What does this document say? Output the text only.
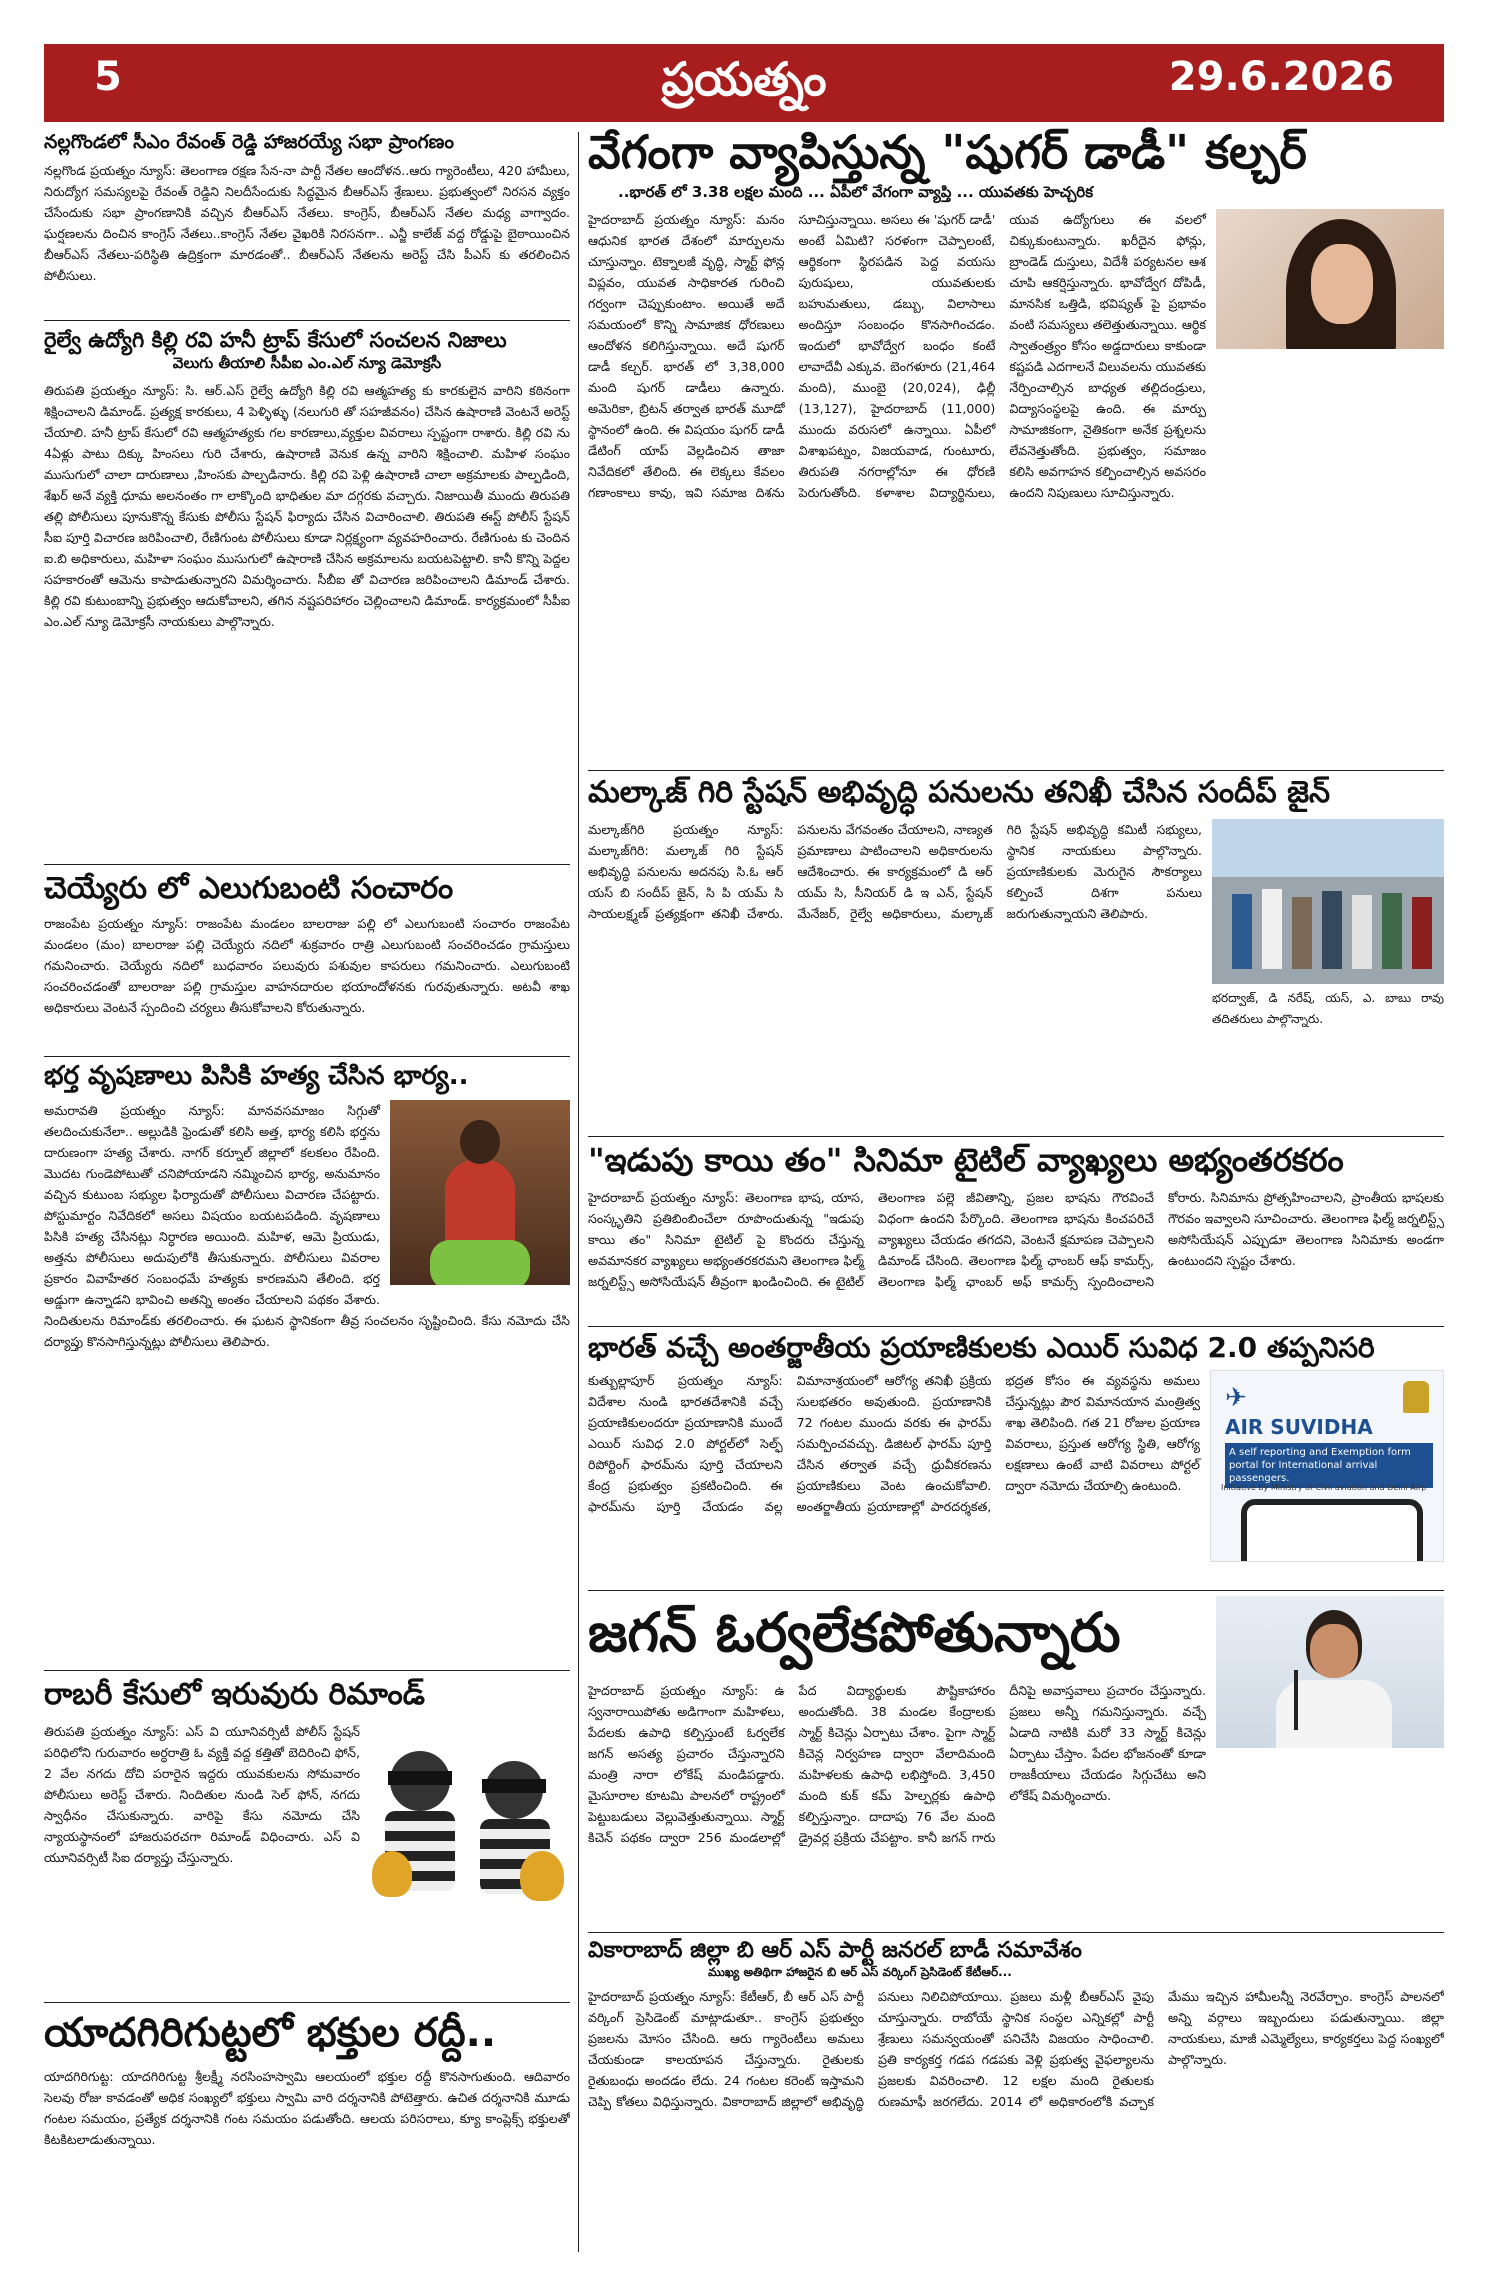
5	ప్రయత్నం	29.6.2026
నల్లగొండలో సీఎం రేవంత్ రెడ్డి హాజరయ్యే సభా ప్రాంగణం

నల్లగొండ ప్రయత్నం న్యూస్: తెలంగాణ రక్షణ సేన-నా పార్టీ నేతల ఆందోళన..ఆరు గ్యారెంటీలు, 420 హామీలు, నిరుద్యోగ సమస్యలపై రేవంత్ రెడ్డిని నిలదీసేందుకు సిద్ధమైన బీఆర్ఎస్ శ్రేణులు. ప్రభుత్వంలో నిరసన వ్యక్తం చేసేందుకు సభా ప్రాంగణానికి వచ్చిన బీఆర్ఎస్ నేతలు. కాంగ్రెస్, బీఆర్ఎస్ నేతల మధ్య వాగ్వాదం. ఘర్షణలను దించిన కాంగ్రెస్ నేతలు..కాంగ్రెస్ నేతల వైఖరికి నిరసనగా.. ఎన్జీ కాలేజ్ వద్ద రోడ్డుపై బైఠాయించిన బీఆర్ఎస్ నేతలు-పరిస్థితి ఉద్రిక్తంగా మారడంతో.. బీఆర్ఎస్ నేతలను అరెస్ట్ చేసి పీఎస్ కు తరలించిన పోలీసులు.

రైల్వే ఉద్యోగి కిల్లి రవి హనీ ట్రాప్ కేసులో సంచలన నిజాలు

వెలుగు తీయాలి సీపీఐ ఎం.ఎల్ న్యూ డెమోక్రసీ

తిరుపతి ప్రయత్నం న్యూస్: సి. ఆర్.ఎస్ రైల్వే ఉద్యోగి కిల్లి రవి ఆత్మహత్య కు కారకులైన వారిని కఠినంగా శిక్షించాలని డిమాండ్. ప్రత్యక్ష కారకులు, 4 పెళ్ళిళ్ళు (నలుగురి తో సహజీవనం) చేసిన ఉషారాణి వెంటనే అరెస్ట్ చేయాలి. హనీ ట్రాప్ కేసులో రవి ఆత్మహత్యకు గల కారణాలు,వ్యక్తుల వివరాలు స్పష్టంగా రాశారు. కిల్లి రవి ను 4ఏళ్లు పాటు దిక్కు హింసలు గురి చేశారు, ఉషారాణి వెనుక ఉన్న వారిని శిక్షించాలి. మహిళ సంఘం ముసుగులో చాలా దారుణాలు ,హింసకు పాల్పడినారు. కిల్లి రవి పెళ్లి ఉషారాణి చాలా అక్రమాలకు పాల్పడింది, శేఖర్ అనే వ్యక్తి ధూమ అలనంతం గా లాక్కొంది భాధితుల మా దగ్గరకు వచ్చారు. నిజాయితీ ముందు తిరుపతి తల్లి పోలీసులు పూనుకొన్న కేసుకు పోలీసు స్టేషన్ ఫిర్యాదు చేసిన విచారించాలి. తిరుపతి ఈస్ట్ పోలీస్ స్టేషన్ సీఐ పూర్తి విచారణ జరిపించాలి, రేణిగుంట పోలీసులు కూడా నిర్లక్ష్యంగా వ్యవహరించారు. రేణిగుంట కు చెందిన ఐ.బి అధికారులు, మహిళా సంఘం ముసుగులో ఉషారాణి చేసిన అక్రమాలను బయటపెట్టాలి. కానీ కొన్ని పెద్దల సహకారంతో ఆమెను కాపాడుతున్నారని విమర్శించారు. సీబీఐ తో విచారణ జరిపించాలని డిమాండ్ చేశారు. కిల్లి రవి కుటుంబాన్ని ప్రభుత్వం ఆదుకోవాలని, తగిన నష్టపరిహారం చెల్లించాలని డిమాండ్. కార్యక్రమంలో సీపీఐ ఎం.ఎల్ న్యూ డెమోక్రసీ నాయకులు పాల్గొన్నారు.

చెయ్యేరు లో ఎలుగుబంటి సంచారం

రాజంపేట ప్రయత్నం న్యూస్: రాజంపేట మండలం బాలరాజు పల్లి లో ఎలుగుబంటి సంచారం రాజంపేట మండలం (మం) బాలరాజు పల్లి చెయ్యేరు నదిలో శుక్రవారం రాత్రి ఎలుగుబంటి సంచరించడం గ్రామస్తులు గమనించారు. చెయ్యేరు నదిలో బుధవారం పలువురు పశువుల కాపరులు గమనించారు. ఎలుగుబంటి సంచరించడంతో బాలరాజు పల్లి గ్రామస్తుల వాహనదారుల భయాందోళనకు గురవుతున్నారు. అటవీ శాఖ అధికారులు వెంటనే స్పందించి చర్యలు తీసుకోవాలని కోరుతున్నారు.

భర్త వృషణాలు పిసికి హత్య చేసిన భార్య..

అమరావతి ప్రయత్నం న్యూస్: మానవసమాజం సిగ్గుతో తలదించుకునేలా.. అల్లుడికి ఫ్రెండుతో కలిసి అత్త, భార్య కలిసి భర్తను దారుణంగా హత్య చేశారు. నాగర్ కర్నూల్ జిల్లాలో కలకలం రేపింది. మొదట గుండెపోటుతో చనిపోయాడని నమ్మించిన భార్య, అనుమానం వచ్చిన కుటుంబ సభ్యుల ఫిర్యాదుతో పోలీసులు విచారణ చేపట్టారు. పోస్టుమార్టం నివేదికలో అసలు విషయం బయటపడింది. వృషణాలు పిసికి హత్య చేసినట్లు నిర్ధారణ అయింది. మహిళ, ఆమె ప్రియుడు, అత్తను పోలీసులు అదుపులోకి తీసుకున్నారు. పోలీసులు వివరాల ప్రకారం వివాహేతర సంబంధమే హత్యకు కారణమని తేలింది. భర్త అడ్డుగా ఉన్నాడని భావించి అతన్ని అంతం చేయాలని పథకం వేశారు. నిందితులను రిమాండ్‌కు తరలించారు. ఈ ఘటన స్థానికంగా తీవ్ర సంచలనం సృష్టించింది. కేసు నమోదు చేసి దర్యాప్తు కొనసాగిస్తున్నట్లు పోలీసులు తెలిపారు.

రాబరీ కేసులో ఇరువురు రిమాండ్

తిరుపతి ప్రయత్నం న్యూస్: ఎస్ వి యూనివర్సిటీ పోలీస్ స్టేషన్ పరిధిలోని గురువారం అర్ధరాత్రి ఓ వ్యక్తి వద్ద కత్తితో బెదిరించి ఫోన్, 2 వేల నగదు దోచి పరారైన ఇద్దరు యువకులను సోమవారం పోలీసులు అరెస్ట్ చేశారు. నిందితుల నుండి సెల్ ఫోన్, నగదు స్వాధీనం చేసుకున్నారు. వారిపై కేసు నమోదు చేసి న్యాయస్థానంలో హాజరుపరచగా రిమాండ్ విధించారు. ఎస్ వి యూనివర్సిటీ సిఐ దర్యాప్తు చేస్తున్నారు.

యాదగిరిగుట్టలో భక్తుల రద్దీ..

యాదగిరిగుట్ట: యాదగిరిగుట్ట శ్రీలక్ష్మీ నరసింహస్వామి ఆలయంలో భక్తుల రద్దీ కొనసాగుతుంది. ఆదివారం సెలవు రోజు కావడంతో అధిక సంఖ్యలో భక్తులు స్వామి వారి దర్శనానికి పోటెత్తారు. ఉచిత దర్శనానికి మూడు గంటల సమయం, ప్రత్యేక దర్శనానికి గంట సమయం పడుతోంది. ఆలయ పరిసరాలు, క్యూ కాంప్లెక్స్ భక్తులతో కిటకిటలాడుతున్నాయి.

వేగంగా వ్యాపిస్తున్న "షుగర్ డాడీ" కల్చర్

..భారత్ లో 3.38 లక్షల మంది ... ఏపీలో వేగంగా వ్యాప్తి ... యువతకు హెచ్చరిక

హైదరాబాద్ ప్రయత్నం న్యూస్: మనం ఆధునిక భారత దేశంలో మార్పులను చూస్తున్నాం. టెక్నాలజీ వృద్ధి, స్మార్ట్ ఫోన్ల విప్లవం, యువత సాధికారత గురించి గర్వంగా చెప్పుకుంటాం. అయితే అదే సమయంలో కొన్ని సామాజిక ధోరణులు ఆందోళన కలిగిస్తున్నాయి. అదే షుగర్ డాడీ కల్చర్. భారత్ లో 3,38,000 మంది షుగర్ డాడీలు ఉన్నారు. అమెరికా, బ్రిటన్ తర్వాత భారత్ మూడో స్థానంలో ఉంది. ఈ విషయం షుగర్ డాడీ డేటింగ్ యాప్ వెల్లడించిన తాజా నివేదికలో తేలింది. ఈ లెక్కలు కేవలం గణాంకాలు కావు, ఇవి సమాజ దిశను సూచిస్తున్నాయి. అసలు ఈ 'షుగర్ డాడీ' అంటే ఏమిటి? సరళంగా చెప్పాలంటే, ఆర్థికంగా స్థిరపడిన పెద్ద వయసు పురుషులు, యువతులకు బహుమతులు, డబ్బు, విలాసాలు అందిస్తూ సంబంధం కొనసాగించడం. ఇందులో భావోద్వేగ బంధం కంటే లావాదేవీ ఎక్కువ. బెంగళూరు (21,464 మంది), ముంబై (20,024), ఢిల్లీ (13,127), హైదరాబాద్ (11,000) ముందు వరుసలో ఉన్నాయి. ఏపీలో విశాఖపట్నం, విజయవాడ, గుంటూరు, తిరుపతి నగరాల్లోనూ ఈ ధోరణి పెరుగుతోంది. కళాశాల విద్యార్థినులు, యువ ఉద్యోగులు ఈ వలలో చిక్కుకుంటున్నారు. ఖరీదైన ఫోన్లు, బ్రాండెడ్ దుస్తులు, విదేశీ పర్యటనల ఆశ చూపి ఆకర్షిస్తున్నారు. భావోద్వేగ దోపిడీ, మానసిక ఒత్తిడి, భవిష్యత్ పై ప్రభావం వంటి సమస్యలు తలెత్తుతున్నాయి. ఆర్థిక స్వాతంత్ర్యం కోసం అడ్డదారులు కాకుండా కష్టపడి ఎదగాలనే విలువలను యువతకు నేర్పించాల్సిన బాధ్యత తల్లిదండ్రులు, విద్యాసంస్థలపై ఉంది. ఈ మార్పు సామాజికంగా, నైతికంగా అనేక ప్రశ్నలను లేవనెత్తుతోంది. ప్రభుత్వం, సమాజం కలిసి అవగాహన కల్పించాల్సిన అవసరం ఉందని నిపుణులు సూచిస్తున్నారు.
మల్కాజ్ గిరి స్టేషన్ అభివృద్ధి పనులను తనిఖీ చేసిన సందీప్ జైన్

భరద్వాజ్, డి నరేష్, యస్, ఎ. బాబు రావు తదితరులు పాల్గొన్నారు.

మల్కాజ్‌గిరి ప్రయత్నం న్యూస్: మల్కాజ్‌గిరి: మల్కాజ్ గిరి స్టేషన్ అభివృద్ధి పనులను అదనపు సి.ఓ ఆర్ యస్ బి సందీప్ జైన్, సి పి యమ్ సి సాయలక్ష్మణ్ ప్రత్యక్షంగా తనిఖీ చేశారు. పనులను వేగవంతం చేయాలని, నాణ్యత ప్రమాణాలు పాటించాలని అధికారులను ఆదేశించారు. ఈ కార్యక్రమంలో డి ఆర్ యమ్ సి, సీనియర్ డి ఇ ఎన్, స్టేషన్ మేనేజర్, రైల్వే అధికారులు, మల్కాజ్ గిరి స్టేషన్ అభివృద్ధి కమిటీ సభ్యులు, స్థానిక నాయకులు పాల్గొన్నారు. ప్రయాణికులకు మెరుగైన సౌకర్యాలు కల్పించే దిశగా పనులు జరుగుతున్నాయని తెలిపారు.
"ఇడుపు కాయి తం" సినిమా టైటిల్ వ్యాఖ్యలు అభ్యంతరకరం
హైదరాబాద్ ప్రయత్నం న్యూస్: తెలంగాణ భాష, యాస, సంస్కృతిని ప్రతిబింబించేలా రూపొందుతున్న "ఇడుపు కాయి తం" సినిమా టైటిల్ పై కొందరు చేస్తున్న అవమానకర వ్యాఖ్యలు అభ్యంతరకరమని తెలంగాణ ఫిల్మ్ జర్నలిస్ట్స్ అసోసియేషన్ తీవ్రంగా ఖండించింది. ఈ టైటిల్ తెలంగాణ పల్లె జీవితాన్ని, ప్రజల భాషను గౌరవించే విధంగా ఉందని పేర్కొంది. తెలంగాణ భాషను కించపరిచే వ్యాఖ్యలు చేయడం తగదని, వెంటనే క్షమాపణ చెప్పాలని డిమాండ్ చేసింది. తెలంగాణ ఫిల్మ్ ఛాంబర్ ఆఫ్ కామర్స్, తెలంగాణ ఫిల్మ్ ఛాంబర్ అఫ్ కామర్స్ స్పందించాలని కోరారు. సినిమాను ప్రోత్సహించాలని, ప్రాంతీయ భాషలకు గౌరవం ఇవ్వాలని సూచించారు. తెలంగాణ ఫిల్మ్ జర్నలిస్ట్స్ అసోసియేషన్ ఎప్పుడూ తెలంగాణ సినిమాకు అండగా ఉంటుందని స్పష్టం చేశారు.
భారత్ వచ్చే అంతర్జాతీయ ప్రయాణికులకు ఎయిర్ సువిధ 2.0 తప్పనిసరి
✈
AIR SUVIDHA
A self reporting and Exemption form portal for International arrival passengers.
Initiative by Ministry of Civil aviation and Delhi Airp
కుత్బుల్లాపూర్ ప్రయత్నం న్యూస్: విదేశాల నుండి భారతదేశానికి వచ్చే ప్రయాణికులందరూ ప్రయాణానికి ముందే ఎయిర్ సువిధ 2.0 పోర్టల్‌లో సెల్ఫ్ రిపోర్టింగ్ ఫారమ్‌ను పూర్తి చేయాలని కేంద్ర ప్రభుత్వం ప్రకటించింది. ఈ ఫారమ్‌ను పూర్తి చేయడం వల్ల విమానాశ్రయంలో ఆరోగ్య తనిఖీ ప్రక్రియ సులభతరం అవుతుంది. ప్రయాణానికి 72 గంటల ముందు వరకు ఈ ఫారమ్ సమర్పించవచ్చు. డిజిటల్ ఫారమ్ పూర్తి చేసిన తర్వాత వచ్చే ధ్రువీకరణను ప్రయాణికులు వెంట ఉంచుకోవాలి. అంతర్జాతీయ ప్రయాణాల్లో పారదర్శకత, భద్రత కోసం ఈ వ్యవస్థను అమలు చేస్తున్నట్లు పౌర విమానయాన మంత్రిత్వ శాఖ తెలిపింది. గత 21 రోజుల ప్రయాణ వివరాలు, ప్రస్తుత ఆరోగ్య స్థితి, ఆరోగ్య లక్షణాలు ఉంటే వాటి వివరాలు పోర్టల్ ద్వారా నమోదు చేయాల్సి ఉంటుంది.
జగన్ ఓర్వలేకపోతున్నారు
హైదరాబాద్ ప్రయత్నం న్యూస్: ఉ స్వనారాయిపోతు అడిగాంగా మహిళలు, పేదలకు ఉపాధి కల్పిస్తుంటే ఓర్వలేక జగన్ అసత్య ప్రచారం చేస్తున్నారని మంత్రి నారా లోకేష్ మండిపడ్డారు. మైసూరాల కూటమి పాలనలో రాష్ట్రంలో పెట్టుబడులు వెల్లువెత్తుతున్నాయి. స్మార్ట్ కిచెన్ పథకం ద్వారా 256 మండలాల్లో పేద విద్యార్థులకు పౌష్టికాహారం అందుతోంది. 38 మండల కేంద్రాలకు స్మార్ట్ కిచెన్లు ఏర్పాటు చేశాం. పైగా స్మార్ట్ కిచెన్ల నిర్వహణ ద్వారా వేలాదిమంది మహిళలకు ఉపాధి లభిస్తోంది. 3,450 మంది కుక్ కమ్ హెల్పర్లకు ఉపాధి కల్పిస్తున్నాం. దాదాపు 76 వేల మంది డ్రైవర్ల ప్రక్రియ చేపట్టాం. కానీ జగన్ గారు దీనిపై అవాస్తవాలు ప్రచారం చేస్తున్నారు. ప్రజలు అన్నీ గమనిస్తున్నారు. వచ్చే ఏడాది నాటికి మరో 33 స్మార్ట్ కిచెన్లు ఏర్పాటు చేస్తాం. పేదల భోజనంతో కూడా రాజకీయాలు చేయడం సిగ్గుచేటు అని లోకేష్ విమర్శించారు.
వికారాబాద్ జిల్లా బి ఆర్ ఎస్ పార్టీ జనరల్ బాడీ సమావేశం

ముఖ్య అతిథిగా హాజరైన బి ఆర్ ఎస్ వర్కింగ్ ప్రెసిడెంట్ కేటీఆర్...

హైదరాబాద్ ప్రయత్నం న్యూస్: కేటీఆర్, బీ ఆర్ ఎస్ పార్టీ వర్కింగ్ ప్రెసిడెంట్ మాట్లాడుతూ.. కాంగ్రెస్ ప్రభుత్వం ప్రజలను మోసం చేసింది. ఆరు గ్యారెంటీలు అమలు చేయకుండా కాలయాపన చేస్తున్నారు. రైతులకు రైతుబంధు అందడం లేదు. 24 గంటల కరెంట్ ఇస్తామని చెప్పి కోతలు విధిస్తున్నారు. వికారాబాద్ జిల్లాలో అభివృద్ధి పనులు నిలిచిపోయాయి. ప్రజలు మళ్లీ బీఆర్ఎస్ వైపు చూస్తున్నారు. రాబోయే స్థానిక సంస్థల ఎన్నికల్లో పార్టీ శ్రేణులు సమన్వయంతో పనిచేసి విజయం సాధించాలి. ప్రతి కార్యకర్త గడప గడపకు వెళ్లి ప్రభుత్వ వైఫల్యాలను ప్రజలకు వివరించాలి. 12 లక్షల మంది రైతులకు రుణమాఫీ జరగలేదు. 2014 లో అధికారంలోకి వచ్చాక మేము ఇచ్చిన హామీలన్నీ నెరవేర్చాం. కాంగ్రెస్ పాలనలో అన్ని వర్గాలు ఇబ్బందులు పడుతున్నాయి. జిల్లా నాయకులు, మాజీ ఎమ్మెల్యేలు, కార్యకర్తలు పెద్ద సంఖ్యలో పాల్గొన్నారు.
